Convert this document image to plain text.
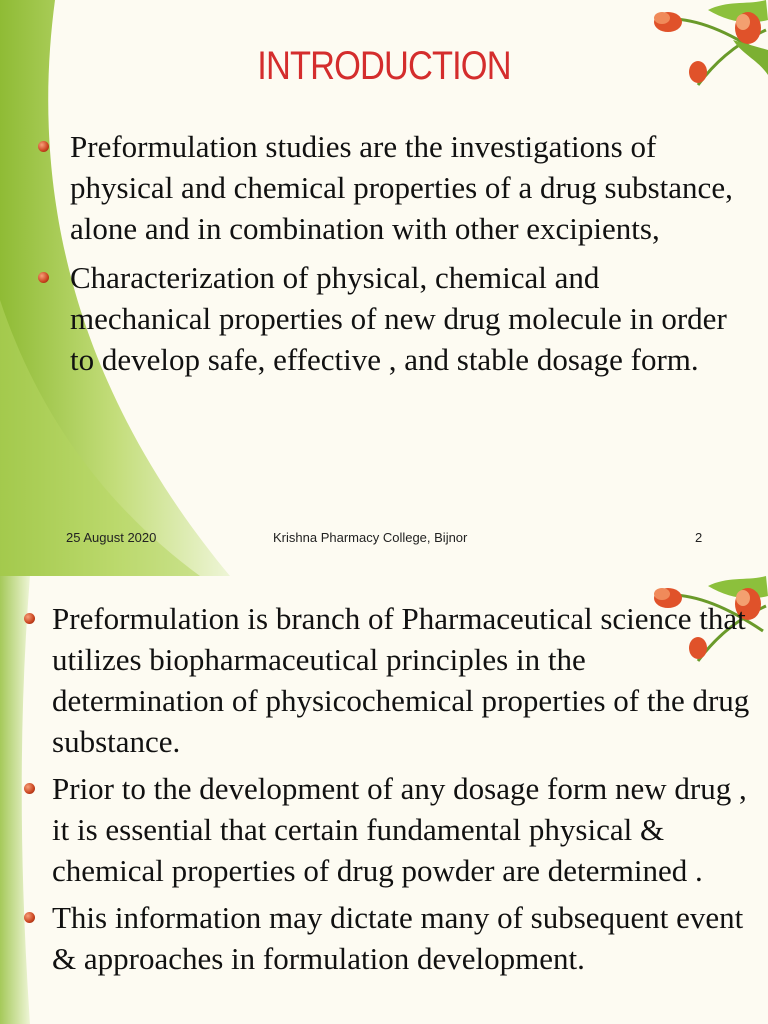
INTRODUCTION
Preformulation studies are the investigations of physical and chemical properties of a drug substance, alone and in combination with other excipients,
Characterization of physical, chemical and mechanical properties of new drug molecule in order to develop safe, effective , and stable dosage form.
25 August 2020	Krishna Pharmacy College, Bijnor	2
Preformulation is branch of Pharmaceutical science that utilizes biopharmaceutical principles in the determination of physicochemical properties of the drug substance.
Prior to the development of any dosage form new drug , it is essential that certain fundamental physical & chemical properties of drug powder are determined .
This information may dictate many of subsequent event & approaches in formulation development.
